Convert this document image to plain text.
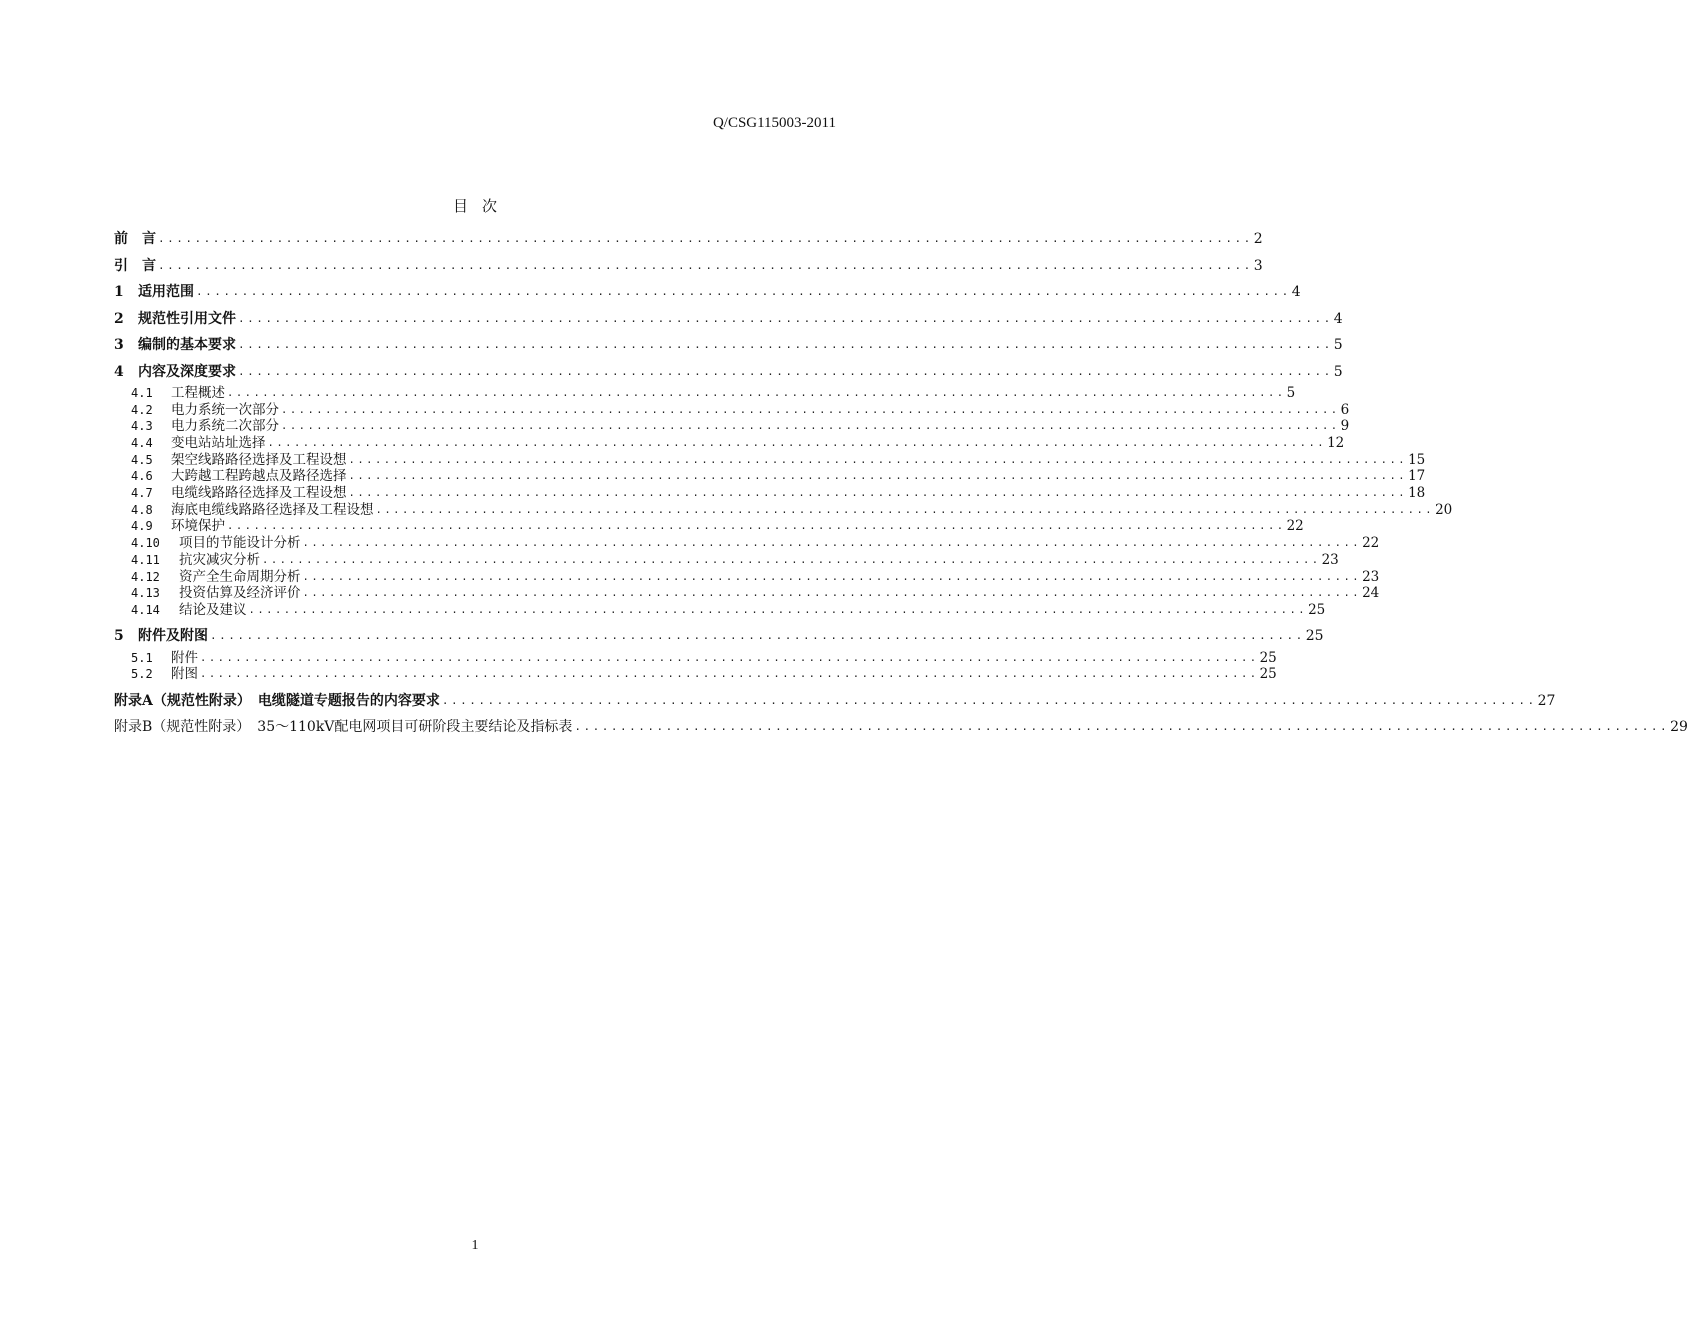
Q/CSG115003-2011
目次
前　言 ........................................................................................................................ 2
引　言 ........................................................................................................................ 3
1 适用范围 ........................................................................................................................ 4
2 规范性引用文件 ........................................................................................................................ 4
3 编制的基本要求 ........................................................................................................................ 5
4 内容及深度要求 ........................................................................................................................ 5
4.1 工程概述 ........................................................................................................................ 5
4.2 电力系统一次部分 ........................................................................................................................ 6
4.3 电力系统二次部分 ........................................................................................................................ 9
4.4 变电站站址选择 ........................................................................................................................ 12
4.5 架空线路路径选择及工程设想 ........................................................................................................................ 15
4.6 大跨越工程跨越点及路径选择 ........................................................................................................................ 17
4.7 电缆线路路径选择及工程设想 ........................................................................................................................ 18
4.8 海底电缆线路路径选择及工程设想 ........................................................................................................................ 20
4.9 环境保护 ........................................................................................................................ 22
4.10 项目的节能设计分析 ........................................................................................................................ 22
4.11 抗灾减灾分析 ........................................................................................................................ 23
4.12 资产全生命周期分析 ........................................................................................................................ 23
4.13 投资估算及经济评价 ........................................................................................................................ 24
4.14 结论及建议 ........................................................................................................................ 25
5 附件及附图 ........................................................................................................................ 25
5.1 附件 ........................................................................................................................ 25
5.2 附图 ........................................................................................................................ 25
附录A（规范性附录）　电缆隧道专题报告的内容要求 ........................................................................................................................ 27
附录B（规范性附录）　35～110kV配电网项目可研阶段主要结论及指标表 ........................................................................................................................ 29
1
